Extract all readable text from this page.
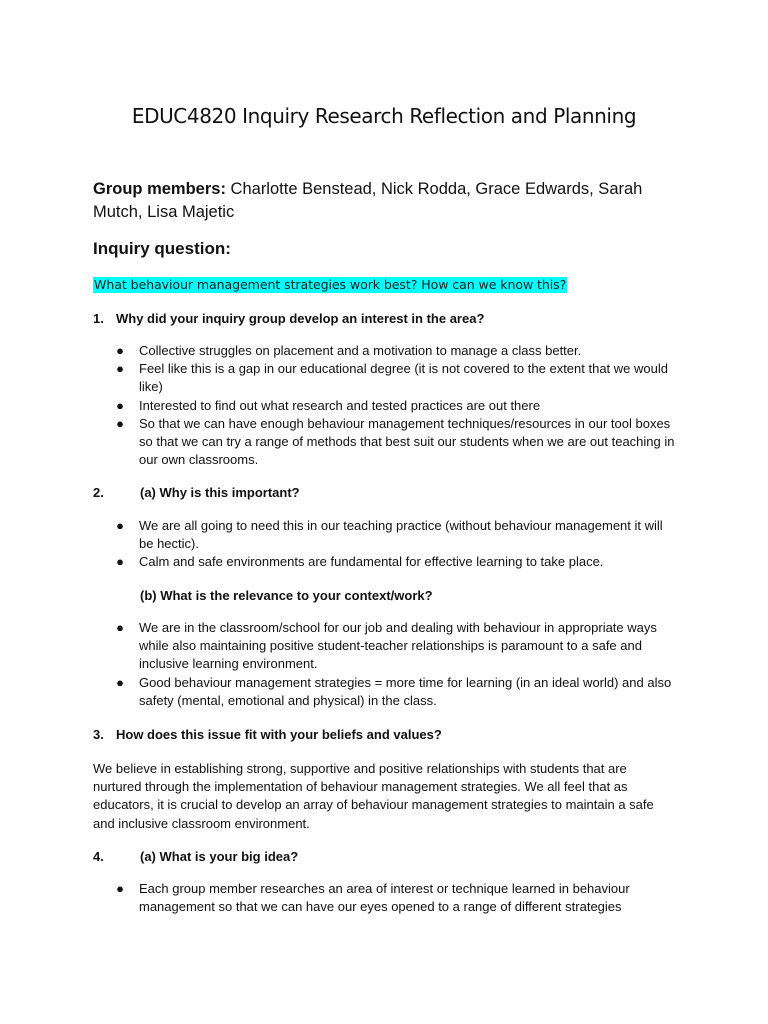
EDUC4820 Inquiry Research Reflection and Planning
Group members: Charlotte Benstead, Nick Rodda, Grace Edwards, Sarah Mutch, Lisa Majetic
Inquiry question:
What behaviour management strategies work best? How can we know this?
1. Why did your inquiry group develop an interest in the area?
● Collective struggles on placement and a motivation to manage a class better.
● Feel like this is a gap in our educational degree (it is not covered to the extent that we would like)
● Interested to find out what research and tested practices are out there
● So that we can have enough behaviour management techniques/resources in our tool boxes so that we can try a range of methods that best suit our students when we are out teaching in our own classrooms.
2.	(a) Why is this important?
● We are all going to need this in our teaching practice (without behaviour management it will be hectic).
● Calm and safe environments are fundamental for effective learning to take place.
(b) What is the relevance to your context/work?
● We are in the classroom/school for our job and dealing with behaviour in appropriate ways while also maintaining positive student-teacher relationships is paramount to a safe and inclusive learning environment.
● Good behaviour management strategies = more time for learning (in an ideal world) and also safety (mental, emotional and physical) in the class.
3. How does this issue fit with your beliefs and values?
We believe in establishing strong, supportive and positive relationships with students that are nurtured through the implementation of behaviour management strategies. We all feel that as educators, it is crucial to develop an array of behaviour management strategies to maintain a safe and inclusive classroom environment.
4.	(a) What is your big idea?
● Each group member researches an area of interest or technique learned in behaviour management so that we can have our eyes opened to a range of different strategies
